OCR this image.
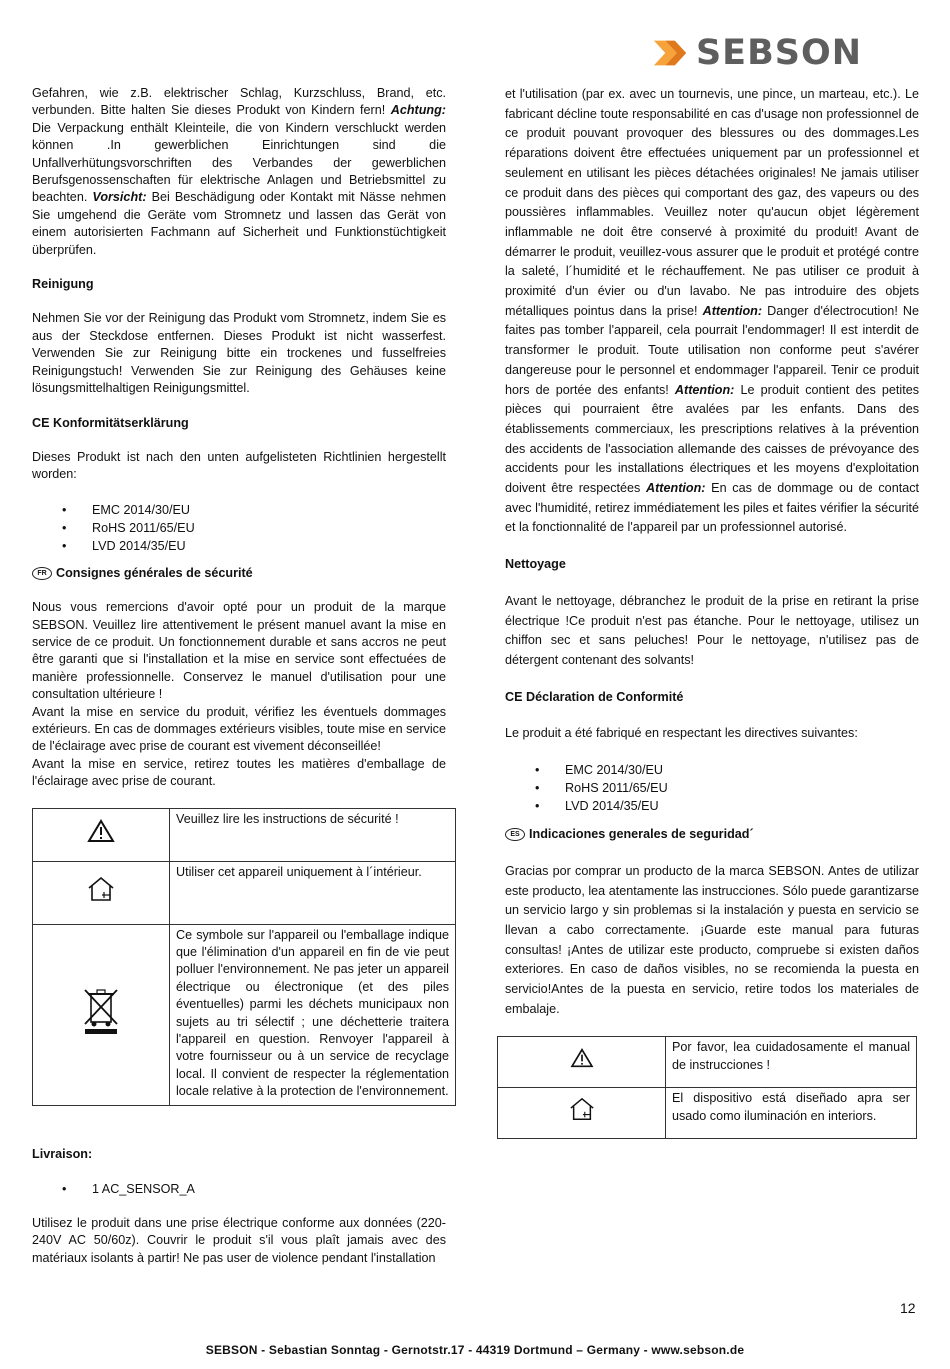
SEBSON

Gefahren, wie z.B. elektrischer Schlag, Kurzschluss, Brand, etc. verbunden. Bitte halten Sie dieses Produkt von Kindern fern! Achtung: Die Verpackung enthält Kleinteile, die von Kindern verschluckt werden können .In gewerblichen Einrichtungen sind die Unfallverhütungsvorschriften des Verbandes der gewerblichen Berufsgenossenschaften für elektrische Anlagen und Betriebsmittel zu beachten. Vorsicht: Bei Beschädigung oder Kontakt mit Nässe nehmen Sie umgehend die Geräte vom Stromnetz und lassen das Gerät von einem autorisierten Fachmann auf Sicherheit und Funktionstüchtigkeit überprüfen.

Reinigung

Nehmen Sie vor der Reinigung das Produkt vom Stromnetz, indem Sie es aus der Steckdose entfernen. Dieses Produkt ist nicht wasserfest. Verwenden Sie zur Reinigung bitte ein trockenes und fusselfreies Reinigungstuch! Verwenden Sie zur Reinigung des Gehäuses keine lösungsmittelhaltigen Reinigungsmittel.

CE Konformitätserklärung

Dieses Produkt ist nach den unten aufgelisteten Richtlinien hergestellt worden:

• EMC 2014/30/EU
• RoHS 2011/65/EU
• LVD 2014/35/EU
FR Consignes générales de sécurité

Nous vous remercions d'avoir opté pour un produit de la marque SEBSON. Veuillez lire attentivement le présent manuel avant la mise en service de ce produit. Un fonctionnement durable et sans accros ne peut être garanti que si l'installation et la mise en service sont effectuées de manière professionnelle. Conservez le manuel d'utilisation pour une consultation ultérieure !

Avant la mise en service du produit, vérifiez les éventuels dommages extérieurs. En cas de dommages extérieurs visibles, toute mise en service de l'éclairage avec prise de courant est vivement déconseillée!

Avant la mise en service, retirez toutes les matières d'emballage de l'éclairage avec prise de courant.

	Veuillez lire les instructions de sécurité !
	Utiliser cet appareil uniquement à l´intérieur.
	Ce symbole sur l'appareil ou l'emballage indique que l'élimination d'un appareil en fin de vie peut polluer l'environnement. Ne pas jeter un appareil électrique ou électronique (et des piles éventuelles) parmi les déchets municipaux non sujets au tri sélectif ; une déchetterie traitera l'appareil en question. Renvoyer l'appareil à votre fournisseur ou à un service de recyclage local. Il convient de respecter la réglementation locale relative à la protection de l'environnement.

Livraison:

• 1 AC_SENSOR_A

Utilisez le produit dans une prise électrique conforme aux données (220-240V AC 50/60z). Couvrir le produit s'il vous plaît jamais avec des matériaux isolants à partir! Ne pas user de violence pendant l'installation

et l'utilisation (par ex. avec un tournevis, une pince, un marteau, etc.). Le fabricant décline toute responsabilité en cas d'usage non professionnel de ce produit pouvant provoquer des blessures ou des dommages.Les réparations doivent être effectuées uniquement par un professionnel et seulement en utilisant les pièces détachées originales! Ne jamais utiliser ce produit dans des pièces qui comportant des gaz, des vapeurs ou des poussières inflammables. Veuillez noter qu'aucun objet légèrement inflammable ne doit être conservé à proximité du produit! Avant de démarrer le produit, veuillez-vous assurer que le produit et protégé contre la saleté, l´humidité et le réchauffement. Ne pas utiliser ce produit à proximité d'un évier ou d'un lavabo. Ne pas introduire des objets métalliques pointus dans la prise! Attention: Danger d'électrocution! Ne faites pas tomber l'appareil, cela pourrait l'endommager! Il est interdit de transformer le produit. Toute utilisation non conforme peut s'avérer dangereuse pour le personnel et endommager l'appareil. Tenir ce produit hors de portée des enfants! Attention: Le produit contient des petites pièces qui pourraient être avalées par les enfants. Dans des établissements commerciaux, les prescriptions relatives à la prévention des accidents de l'association allemande des caisses de prévoyance des accidents pour les installations électriques et les moyens d'exploitation doivent être respectées Attention: En cas de dommage ou de contact avec l'humidité, retirez immédiatement les piles et faites vérifier la sécurité et la fonctionnalité de l'appareil par un professionnel autorisé.

Nettoyage

Avant le nettoyage, débranchez le produit de la prise en retirant la prise électrique !Ce produit n'est pas étanche. Pour le nettoyage, utilisez un chiffon sec et sans peluches! Pour le nettoyage, n'utilisez pas de détergent contenant des solvants!

CE Déclaration de Conformité

Le produit a été fabriqué en respectant les directives suivantes:

• EMC 2014/30/EU
• RoHS 2011/65/EU
• LVD 2014/35/EU
ES Indicaciones generales de seguridad´

Gracias por comprar un producto de la marca SEBSON. Antes de utilizar este producto, lea atentamente las instrucciones. Sólo puede garantizarse un servicio largo y sin problemas si la instalación y puesta en servicio se llevan a cabo correctamente. ¡Guarde este manual para futuras consultas! ¡Antes de utilizar este producto, compruebe si existen daños exteriores. En caso de daños visibles, no se recomienda la puesta en servicio!Antes de la puesta en servicio, retire todos los materiales de embalaje.

	Por favor, lea cuidadosamente el manual de instrucciones !
	El dispositivo está diseñado apra ser usado como iluminación en interiors.
12
SEBSON - Sebastian Sonntag - Gernotstr.17 - 44319 Dortmund – Germany - www.sebson.de
